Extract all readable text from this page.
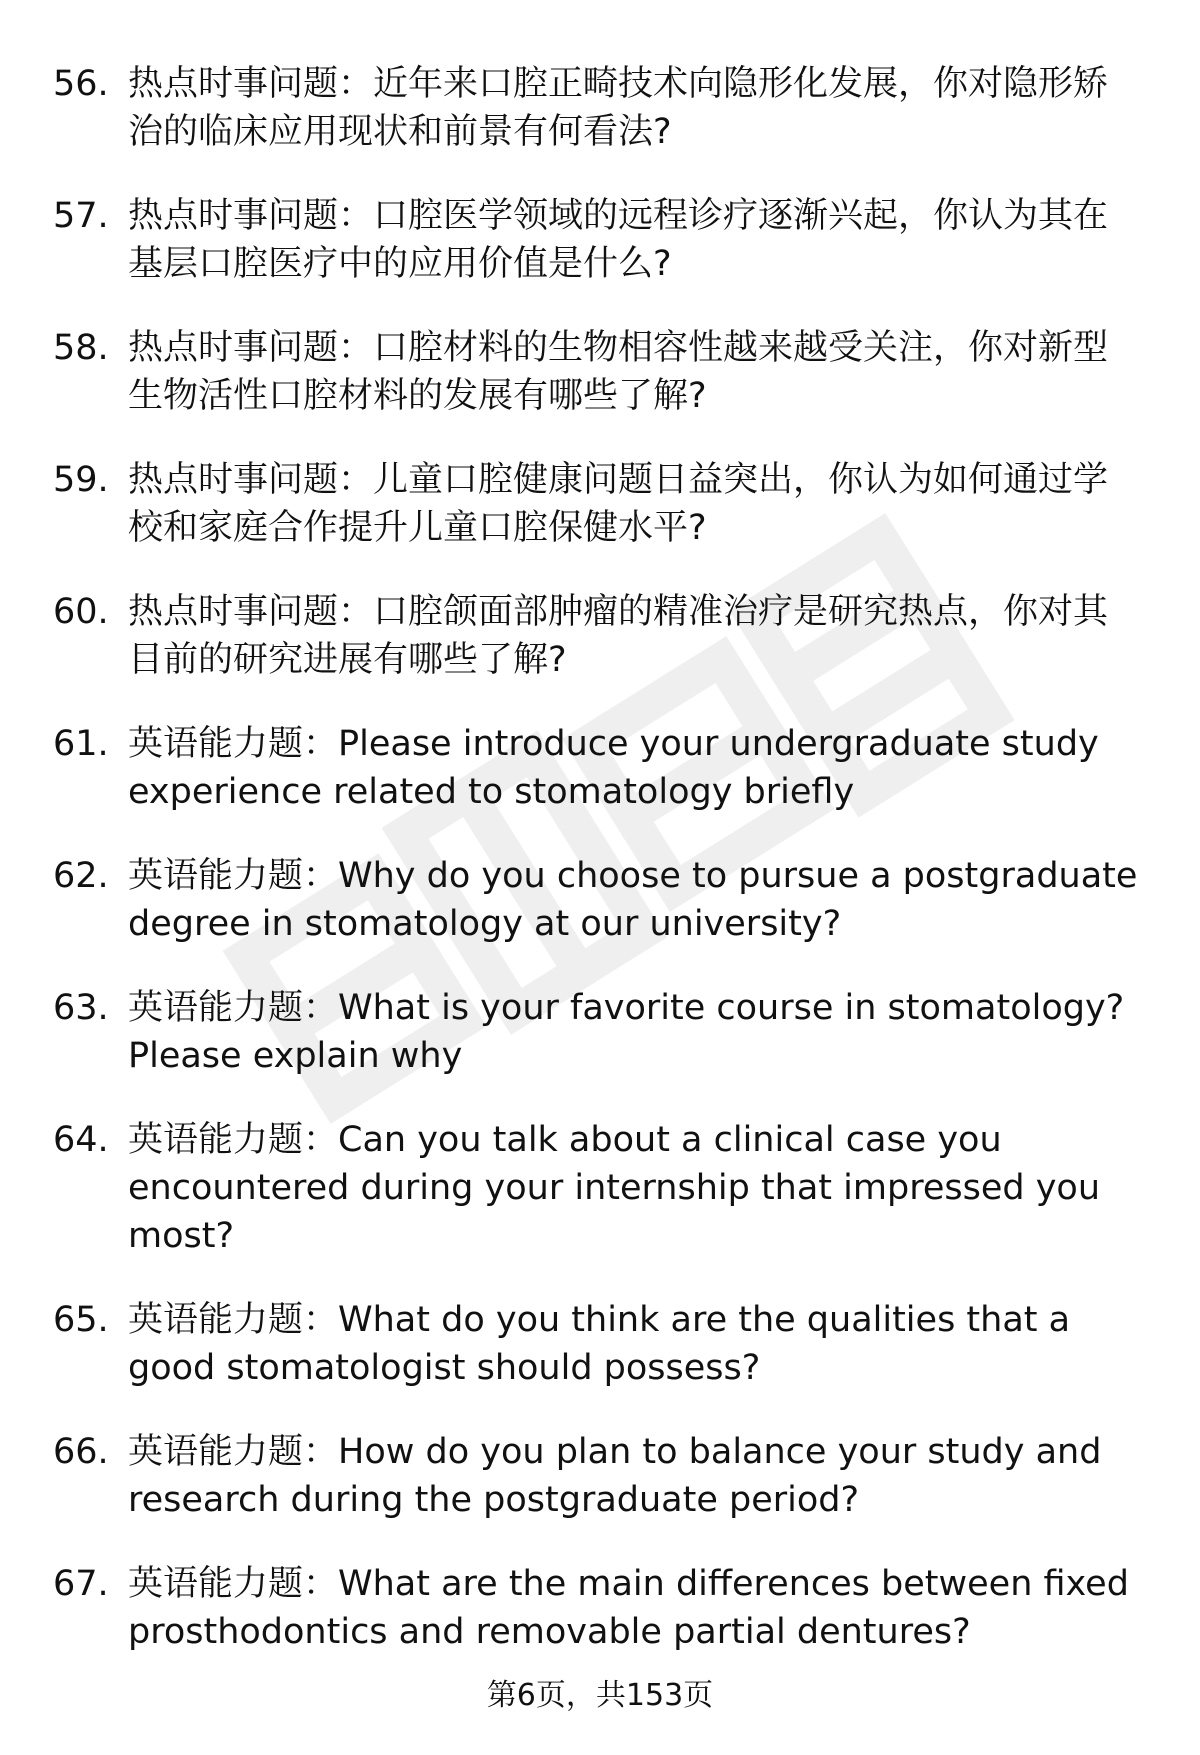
56. 热点时事问题：近年来口腔正畸技术向隐形化发展，你对隐形矫治的临床应用现状和前景有何看法?
57. 热点时事问题：口腔医学领域的远程诊疗逐渐兴起，你认为其在基层口腔医疗中的应用价值是什么?
58. 热点时事问题：口腔材料的生物相容性越来越受关注，你对新型生物活性口腔材料的发展有哪些了解?
59. 热点时事问题：儿童口腔健康问题日益突出，你认为如何通过学校和家庭合作提升儿童口腔保健水平?
60. 热点时事问题：口腔颌面部肿瘤的精准治疗是研究热点，你对其目前的研究进展有哪些了解?
61. 英语能力题：Please introduce your undergraduate study experience related to stomatology briefly
62. 英语能力题：Why do you choose to pursue a postgraduate degree in stomatology at our university?
63. 英语能力题：What is your favorite course in stomatology? Please explain why
64. 英语能力题：Can you talk about a clinical case you encountered during your internship that impressed you most?
65. 英语能力题：What do you think are the qualities that a good stomatologist should possess?
66. 英语能力题：How do you plan to balance your study and research during the postgraduate period?
67. 英语能力题：What are the main differences between fixed prosthodontics and removable partial dentures?
第6页，共153页
